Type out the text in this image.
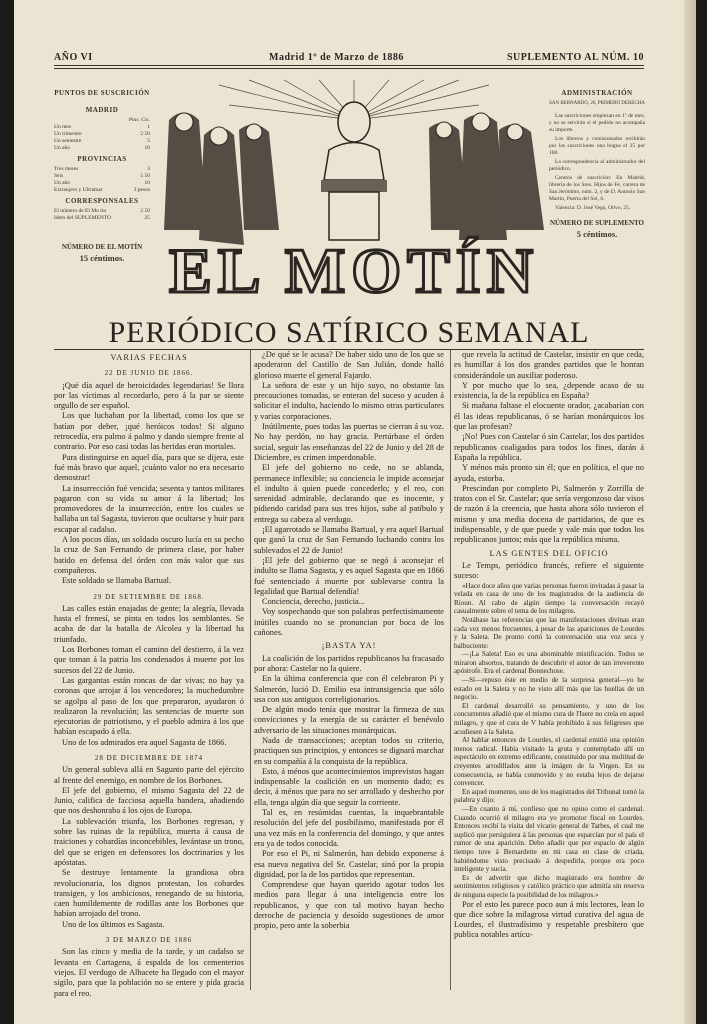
AÑO VI	Madrid 1º de Marzo de 1886	SUPLEMENTO AL NÚM. 10
PUNTOS DE SUSCRICIÓN
MADRID
Ptas. Cts.
Un mes	1
Un trimestre	2 50
Un semestre	5
Un año	10
PROVINCIAS
Tres meses	3
Seis	5 50
Un año	10
Extranjero y Ultramar	3 pesos
CORRESPONSALES
El número de El Mo tin	2 50
Idem del SUPLEMENTO	25
NÚMERO DE EL MOTÍN
15 céntimos.
ADMINISTRACIÓN
SAN BERNARDO, 26, PRIMERO DERECHA

Las suscriciones empiezan en 1º de mes, y no se servirán si el pedido no acompaña su importe.

Los libreros y comisionados recibirán por las suscriciones una bogna el 25 por 100.

La correspondencia al administrador del periódico.

Centros de suscrición: En Madrid, librería de los Sres. Hijos de Fe, carrera de San Jerónimo, núm. 2, y de D. Antonio San Martín, Puerta del Sol, 6.

Valencia: D. José Vega, Olivo, 25.

NÚMERO DE SUPLEMENTO
5 céntimos.
EL MOTÍN
PERIÓDICO SATÍRICO SEMANAL

VARIAS FECHAS

22 DE JUNIO DE 1866.

¡Qué día aquel de heroicidades legendarias! Se llora por las víctimas al recordarlo, pero á la par se siente orgullo de ser español.

Los que luchaban por la libertad, como los que se batían por deber, ¡qué heróicos todos! Si alguno retrocedía, era palmo á palmo y dando siempre frente al contrario. Por eso casi todas las heridas eran mortales.

Para distinguirse en aquel día, para que se dijera, este fué más bravo que aquel, ¡cuánto valor no era necesario demostrar!

La insurrección fué vencida; sesenta y tantos militares pagaron con su vida su amor á la libertad; los promovedores de la insurrección, entre los cuales se hallaba un tal Sagasta, tuvieron que ocultarse y huir para escapar al cadalso.

A los pocos días, un soldado oscuro lucía en su pecho la cruz de San Fernando de primera clase, por haber batido en defensa del órden con más valor que sus compañeros.

Este soldado se llamaba Bartual.

29 DE SETIEMBRE DE 1868.

Las calles están enajadas de gente; la alegría, llevada hasta el frenesí, se pinta en todos los semblantes. Se acaba de dar la batalla de Alcolea y la libertad ha triunfado.

Los Borbones toman el camino del destierro, á la vez que toman á la patria los condenados á muerte por los sucesos del 22 de Junio.

Las gargantas están roncas de dar vivas; no hay ya coronas que arrojar á los vencedores; la muchedumbre se agolpa al paso de los que prepararon, ayudaron ó realizaron la revolución; las sentencias de muerte son ejecutorias de patriotismo, y el pueblo admira á los que habían escapado á ella.

Uno de los admirados era aquel Sagasta de 1866.

28 DE DICIEMBRE DE 1874

Un general subleva allá en Sagunto parte del ejército al frente del enemigo, en nombre de los Borbones.

El jefe del gobierno, el mismo Sagasta del 22 de Junio, califica de facciosa aquella bandera, añadiendo que nos deshonraba á los ojos de Europa.

La sublevación triunfa, los Borbones regresan, y sobre las ruinas de la república, muerta á causa de traiciones y cobardías inconcebibles, levántase un trono, del que se erigen en defensores los doctrinarios y los apóstatas.

Se destruye lentamente la grandiosa obra revolucionaria, los dignos protestan, los cobardes transigen, y los ambiciosos, renegando de su historia, caen humildemente de rodillas ante los Borbones que habían arrojado del trono.

Uno de los últimos es Sagasta.

3 DE MARZO DE 1886

Son las cinco y media de la tarde, y un cadalso se levanta en Cartagena, á espalda de los cementerios viejos. El verdugo de Albacete ha llegado con el mayor sigilo, para que la población no se entere y pida gracia para el reo.

¿De qué se le acusa? De haber sido uno de los que se apoderaron del Castillo de San Julián, donde halló glorioso muerte el general Fajardo.

La señora de este y un hijo suyo, no obstante las precauciones tomadas, se enteran del suceso y acuden á solicitar el indulto, haciendo lo mismo otras particulares y varias corporaciones.

Inútilmente, pues todas las puertas se cierran á su voz. No hay perdón, no hay gracia. Pertúrbase el órden social, seguir las enseñanzas del 22 de Junio y del 28 de Diciembre, es crimen imperdonable.

El jefe del gobierno no cede, no se ablanda, permanece inflexible; su conciencia le impide aconsejar el indulto á quien puede concederlo; y el reo, con serenidad admirable, declarando que es inocente, y pidiendo caridad para sus tres hijos, sube al patíbulo y entrega su cabeza al verdugo.

¡El agarrotado se llamaba Bartual, y era aquel Bartual que ganó la cruz de San Fernando luchando contra los sublevados el 22 de Junio!

¡El jefe del gobierno que se negó á aconsejar el indulto se llama Sagasta, y es aquel Sagasta que en 1866 fué sentenciado á muerte por sublevarse contra la legalidad que Bartual defendía!

Conciencia, derecho, justicia...

Voy sospechando que son palabras perfectisimamente inútiles cuando no se pronuncian por boca de los cañones.

¡BASTA YA!

La coalición de los partidos republicanos ha fracasado por ahora: Castelar no la quiere.

En la última conferencia que con él celebraron Pi y Salmerón, lució D. Emilio esa intransigencia que sólo usa con sus antiguos correligionarios.

De algún modo tenía que mostrar la firmeza de sus convicciones y la energía de su carácter el benévolo adversario de las situaciones monárquicas.

Nada de transacciones; aceptan todos su criterio, practiquen sus principios, y entonces se dignará marchar en su compañía á la conquista de la república.

Esto, á ménos que acontecimientos imprevistos hagan indispensable la coalición en un momento dado; es decir, á ménos que para no ser arrollado y deshecho por ella, tenga algún día que seguir la corriente.

Tal es, en resúmidas cuentas, la inquebrantable resolución del jefe del posibilismo, manifestada por él una vez más en la conferencia del domingo, y que antes era ya de todos conocida.

Por eso el Pi, ni Salmerón, han debido exponerse á esa nueva negativa del Sr. Castelar, sinó por la propia dignidad, por la de los partidos que representan.

Comprendese que hayan querido agotar todos los medios para llegar á una inteligencia entre los republicanos, y que con tal motivo hayan hecho derroche de paciencia y desoído sugestiones de amor propio, pero ante la soberbia

que revela la actitud de Castelar, insistir en que ceda, es humillar á los dos grandes partidos que le honran considerándole un auxiliar poderoso.

Y por mucho que lo sea, ¿depende acaso de su existencia, la de la república en España?

Si mañana faltase el elocuente orador, ¿acabarían con él las ideas republicanas, ó se harían monárquicos los que las profesan?

¡No! Pues con Castelar ó sin Castelar, los dos partidos republicanos coaligados para todos los fines, darán á España la república.

Y ménos más pronto sin él; que en política, el que no ayuda, estorba.

Prescindan por completo Pi, Salmerón y Zorrilla de tratos con el Sr. Castelar; que sería vergonzoso dar visos de razón á la creencia, que hasta ahora sólo tuvieron el mismo y una media docena de partidarios, de que es indispensable, y de que puede y vale más que todos los republicanos juntos; más que la república misma.

LAS GENTES DEL OFICIO

Le Temps, periódico francés, refiere el siguiente suceso:

«Hace doce años que varias personas fueron invitadas á pasar la velada en casa de uno de los magistrados de la audiencia de Rioun. Al cabo de algún tiempo la conversación recayó casualmente sobre el tema de los milagros.

Notábase las referencias que las manifestaciones divinas eran cada vez menos frecuentes, á pesar de las apariciones de Lourdes y la Saleta. De pronto cortó la conversación una voz seca y balbuciente:

—¡La Saleta! Eso es una abominable mistificación. Todos se miraron absortos, tratando de descubrir el autor de tan irreverente apóstrofe. Era el cardenal Bonnechose.

—Sí—repuso éste en medio de la sorpresa general—yo he estado en la Saleta y no he visto allí más que las huellas de un negocio.

El cardenal desarrolló su pensamiento, y uno de los concurrentes añadió que el mismo cura de l'Isere no creía en aquel milagro, y que el cura de V había prohibido á sus feligreses que acudiesen á la Saleta.

Al hablar entonces de Lourdes, el cardenal emitió una opinión menos radical. Había visitado la gruta y contemplado allí un espectáculo en extremo edificante, constituido por una multitud de creyentes arrodillados ante la imágen de la Virgen. En su consecuencia, se había conmovido y no estaba lejos de dejarse convencer.

En aquel momento, uno de los magistrados del Tribunal tomó la palabra y dijo:

—En cuanto á mí, confieso que no opino como el cardenal. Cuando ocurrió el milagro era yo promotor fiscal en Lourdes. Entonces recibí la visita del vicario general de Tarbes, el cual me suplicó que persiguiera á las personas que esparcían por el país el rumor de una aparición. Debo añadir que por espacio de algún tiempo tuve á Bernardette en mi casa en clase de criada, habiéndome visto precisado á despedirla, porque era poco inteligente y sucia.

Es de advertir que dicho magistrado era hombre de sentimientos religiosos y católico práctico que admitía sin reserva de ninguna especie la posibilidad de los milagros.»

Por el esto les parece poco aun á mis lectores, lean lo que dice sobre la milagrosa virtud curativa del agua de Lourdes, el ilustradísimo y respetable presbítero que publica notables artícu-
